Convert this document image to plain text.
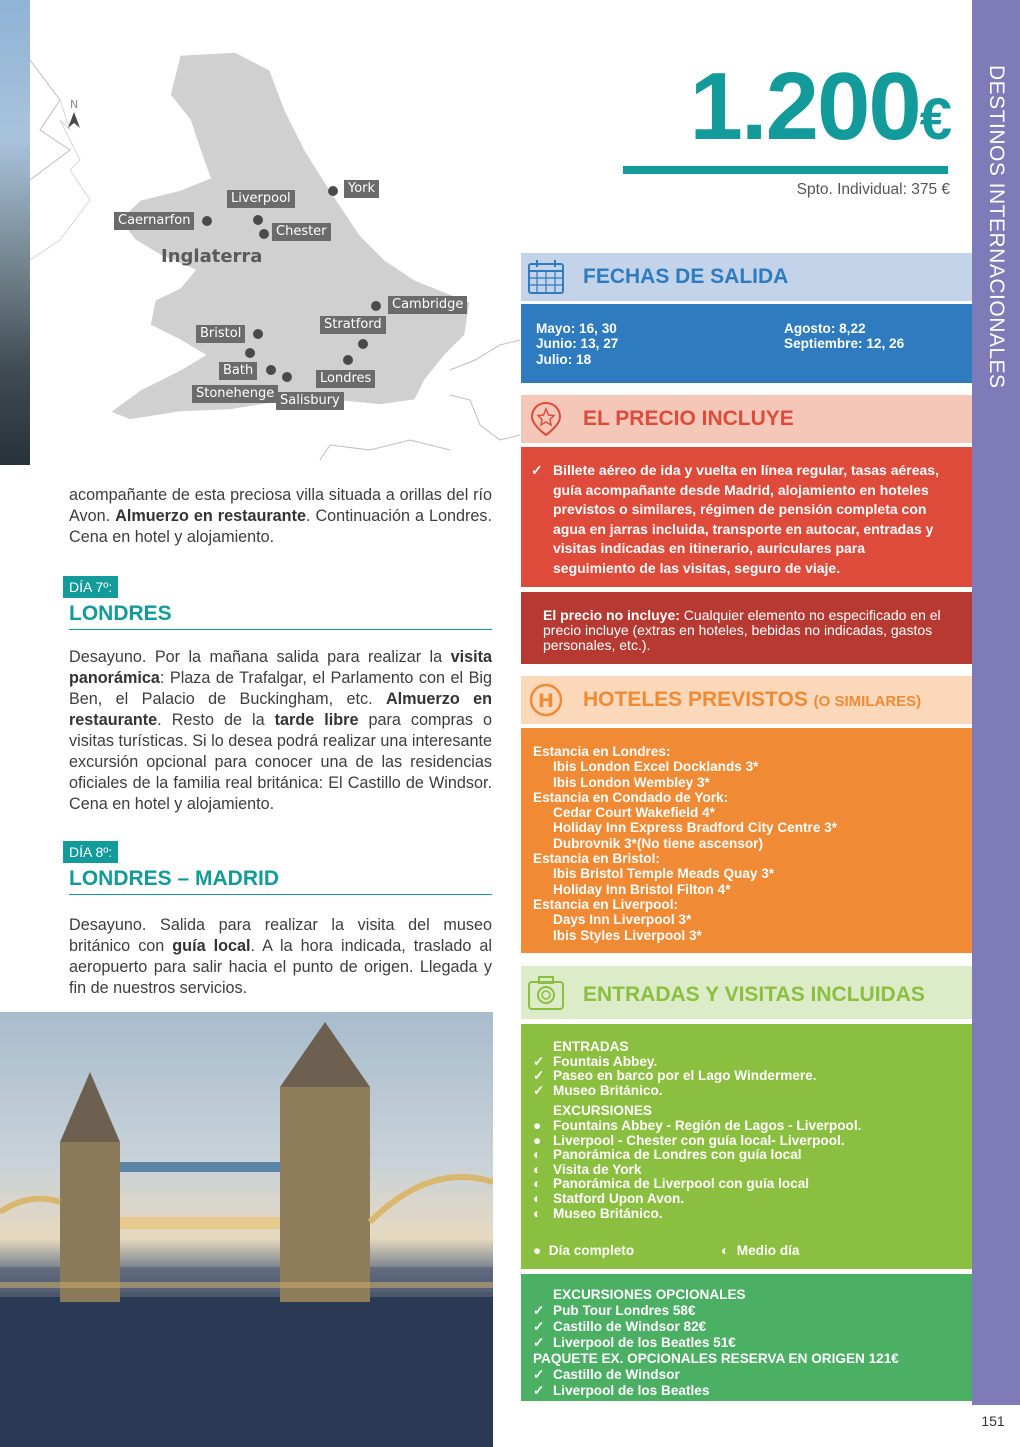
N
Inglaterra
Caernarfon
Liverpool
Chester
York
Cambridge
Stratford
Bristol
Bath
Stonehenge Salisbury
Londres
acompañante de esta preciosa villa situada a orillas del río Avon. Almuerzo en restaurante. Continuación a Londres. Cena en hotel y alojamiento.
DÍA 7º:
LONDRES
Desayuno. Por la mañana salida para realizar la visita panorámica: Plaza de Trafalgar, el Parlamento con el Big Ben, el Palacio de Buckingham, etc. Almuerzo en restaurante. Resto de la tarde libre para compras o visitas turísticas. Si lo desea podrá realizar una interesante excursión opcional para conocer una de las residencias oficiales de la familia real británica: El Castillo de Windsor. Cena en hotel y alojamiento.
DÍA 8º:
LONDRES – MADRID
Desayuno. Salida para realizar la visita del museo británico con guía local. A la hora indicada, traslado al aeropuerto para salir hacia el punto de origen. Llegada y fin de nuestros servicios.
1.200€
Spto. Individual: 375 €	DESTINOS INTERNACIONALES
151
FECHAS DE SALIDA
Mayo: 16, 30
Junio: 13, 27
Julio: 18
Agosto: 8,22
Septiembre: 12, 26
EL PRECIO INCLUYE
✓ Billete aéreo de ida y vuelta en línea regular, tasas aéreas, guía acompañante desde Madrid, alojamiento en hoteles previstos o similares, régimen de pensión completa con agua en jarras incluida, transporte en autocar, entradas y visitas indicadas en itinerario, auriculares para seguimiento de las visitas, seguro de viaje.
El precio no incluye: Cualquier elemento no especificado en el precio incluye (extras en hoteles, bebidas no indicadas, gastos personales, etc.).
H HOTELES PREVISTOS (O SIMILARES)
Estancia en Londres:
Ibis London Excel Docklands 3*
Ibis London Wembley 3*
Estancia en Condado de York:
Cedar Court Wakefield 4*
Holiday Inn Express Bradford City Centre 3*
Dubrovnik 3*(No tiene ascensor)
Estancia en Bristol:
Ibis Bristol Temple Meads Quay 3*
Holiday Inn Bristol Filton 4*
Estancia en Liverpool:
Days Inn Liverpool 3*
Ibis Styles Liverpool 3*
ENTRADAS Y VISITAS INCLUIDAS
ENTRADAS
✓ Fountais Abbey.
✓ Paseo en barco por el Lago Windermere.
✓ Museo Británico.
EXCURSIONES
● Fountains Abbey - Región de Lagos - Liverpool.
● Liverpool - Chester con guía local- Liverpool.
◐ Panorámica de Londres con guía local
◐ Visita de York
◐ Panorámica de Liverpool con guía local
◐ Statford Upon Avon.
◐ Museo Británico.
● Día completo	◐ Medio día
EXCURSIONES OPCIONALES
✓ Pub Tour Londres 58€
✓ Castillo de Windsor 82€
✓ Liverpool de los Beatles 51€
PAQUETE EX. OPCIONALES RESERVA EN ORIGEN 121€
✓ Castillo de Windsor
✓ Liverpool de los Beatles
